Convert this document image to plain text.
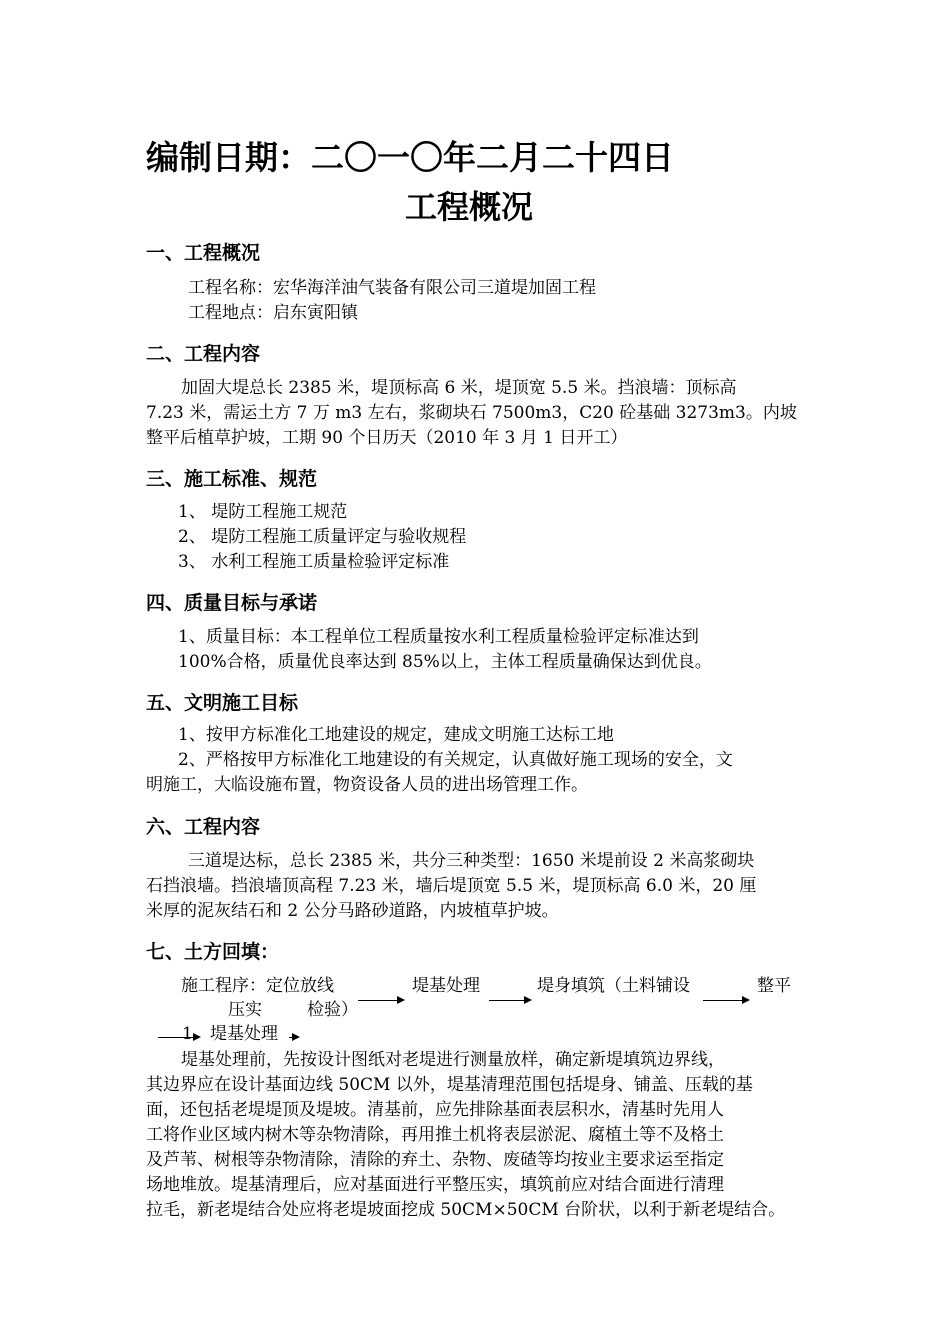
编制日期：二〇一〇年二月二十四日
工程概况
一、工程概况
工程名称：宏华海洋油气装备有限公司三道堤加固工程
工程地点：启东寅阳镇
二、工程内容
加固大堤总长 2385 米，堤顶标高 6 米，堤顶宽 5.5 米。挡浪墙：顶标高
7.23 米，需运土方 7 万 m3 左右，浆砌块石 7500m3，C20 砼基础 3273m3。内坡
整平后植草护坡，工期 90 个日历天（2010 年 3 月 1 日开工）
三、施工标准、规范
1、 堤防工程施工规范
2、 堤防工程施工质量评定与验收规程
3、 水利工程施工质量检验评定标准
四、质量目标与承诺
1、质量目标：本工程单位工程质量按水利工程质量检验评定标准达到
100%合格，质量优良率达到 85%以上，主体工程质量确保达到优良。
五、文明施工目标
1、按甲方标准化工地建设的规定，建成文明施工达标工地
2、严格按甲方标准化工地建设的有关规定，认真做好施工现场的安全，文
明施工，大临设施布置，物资设备人员的进出场管理工作。
六、工程内容
三道堤达标，总长 2385 米，共分三种类型：1650 米堤前设 2 米高浆砌块
石挡浪墙。挡浪墙顶高程 7.23 米，墙后堤顶宽 5.5 米，堤顶标高 6.0 米，20 厘
米厚的泥灰结石和 2 公分马路砂道路，内坡植草护坡。
七、土方回填：
施工程序：定位放线	堤基处理	堤身填筑（土料铺设	整平
压实	检验）
1 堤基处理
堤基处理前，先按设计图纸对老堤进行测量放样，确定新堤填筑边界线，
其边界应在设计基面边线 50CM 以外，堤基清理范围包括堤身、铺盖、压载的基
面，还包括老堤堤顶及堤坡。清基前，应先排除基面表层积水，清基时先用人
工将作业区域内树木等杂物清除，再用推土机将表层淤泥、腐植土等不及格土
及芦苇、树根等杂物清除，清除的弃土、杂物、废碴等均按业主要求运至指定
场地堆放。堤基清理后，应对基面进行平整压实，填筑前应对结合面进行清理
拉毛，新老堤结合处应将老堤坡面挖成 50CM×50CM 台阶状，以利于新老堤结合。
